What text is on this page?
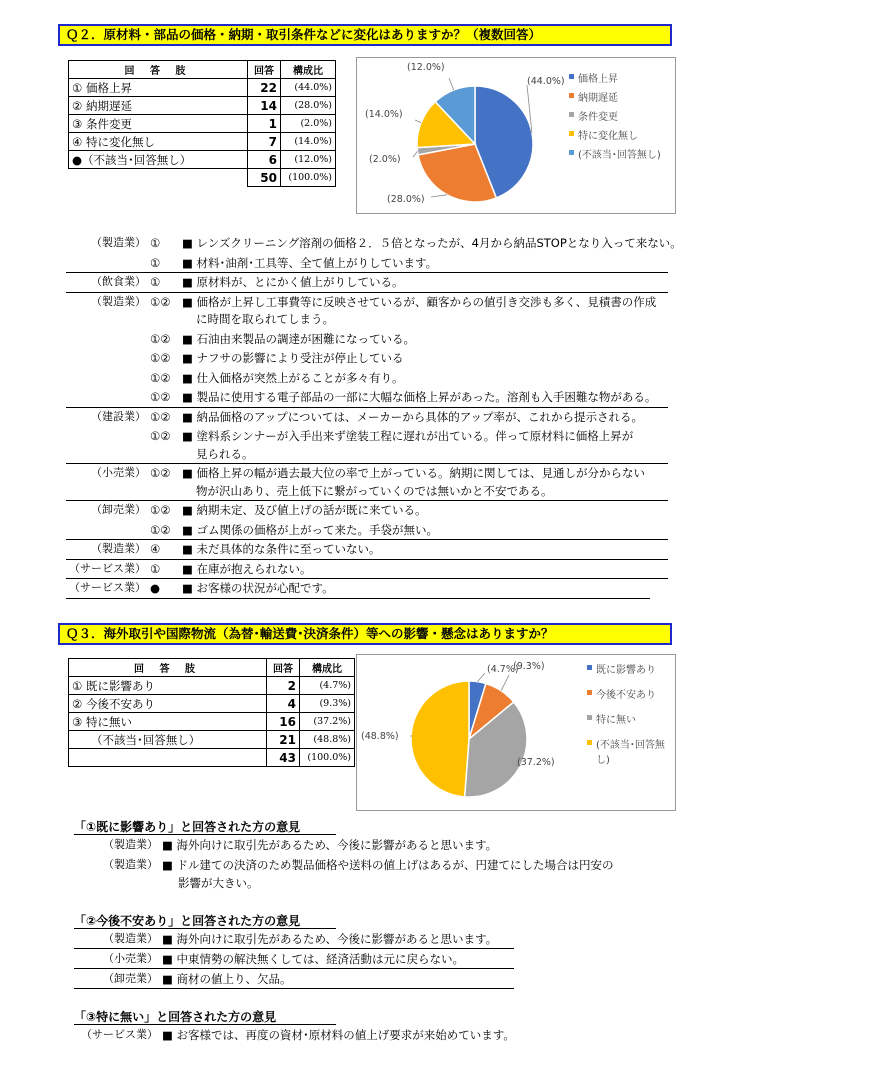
Ｑ２．原材料・部品の価格・納期・取引条件などに変化はありますか？（複数回答）
回 答 肢	回答	構成比
① 価格上昇	22	(44.0%)
② 納期遅延	14	(28.0%)
③ 条件変更	1	(2.0%)
④ 特に変化無し	7	(14.0%)
●（不該当･回答無し）	6	(12.0%)
	50	(100.0%)
価格上昇
納期遅延
条件変更
特に変化無し
(不該当･回答無し)
(44.0%)
(28.0%)
(2.0%)
(14.0%)
(12.0%)
（製造業） ① ■ レンズクリーニング溶剤の価格２．５倍となったが、4月から納品STOPとなり入って来ない。
① ■ 材料･油剤･工具等、全て値上がりしています。
（飲食業） ① ■ 原材料が、とにかく値上がりしている。
（製造業） ①② ■ 価格が上昇し工事費等に反映させているが、顧客からの値引き交渉も多く、見積書の作成
に時間を取られてしまう。
①② ■ 石油由来製品の調達が困難になっている。
①② ■ ナフサの影響により受注が停止している
①② ■ 仕入価格が突然上がることが多々有り。
①② ■ 製品に使用する電子部品の一部に大幅な価格上昇があった。溶剤も入手困難な物がある。
（建設業） ①② ■ 納品価格のアップについては、メーカーから具体的アップ率が、これから提示される。
①② ■ 塗料系シンナーが入手出来ず塗装工程に遅れが出ている。伴って原材料に価格上昇が
見られる。
（小売業） ①② ■ 価格上昇の幅が過去最大位の率で上がっている。納期に関しては、見通しが分からない
物が沢山あり、売上低下に繋がっていくのでは無いかと不安である。
（卸売業） ①② ■ 納期未定、及び値上げの話が既に来ている。
①② ■ ゴム関係の価格が上がって来た。手袋が無い。
（製造業） ④ ■ 未だ具体的な条件に至っていない。
（サービス業） ① ■ 在庫が抱えられない。
（サービス業） ● ■ お客様の状況が心配です。
Ｑ３．海外取引や国際物流（為替･輸送費･決済条件）等への影響・懸念はありますか？
回 答 肢	回答	構成比
① 既に影響あり	2	(4.7%)
② 今後不安あり	4	(9.3%)
③ 特に無い	16	(37.2%)
（不該当･回答無し）	21	(48.8%)
	43	(100.0%)
既に影響あり
今後不安あり
特に無い
(不該当･回答無し)
(4.7%)
(9.3%)
(37.2%)
(48.8%)
「①既に影響あり」と回答された方の意見
（製造業） ■ 海外向けに取引先があるため、今後に影響があると思います。
（製造業） ■ ドル建ての決済のため製品価格や送料の値上げはあるが、円建てにした場合は円安の
影響が大きい。
「②今後不安あり」と回答された方の意見
（製造業） ■ 海外向けに取引先があるため、今後に影響があると思います。
（小売業） ■ 中東情勢の解決無くしては、経済活動は元に戻らない。
（卸売業） ■ 商材の値上り、欠品。
「③特に無い」と回答された方の意見
（サービス業） ■ お客様では、再度の資材･原材料の値上げ要求が来始めています。
